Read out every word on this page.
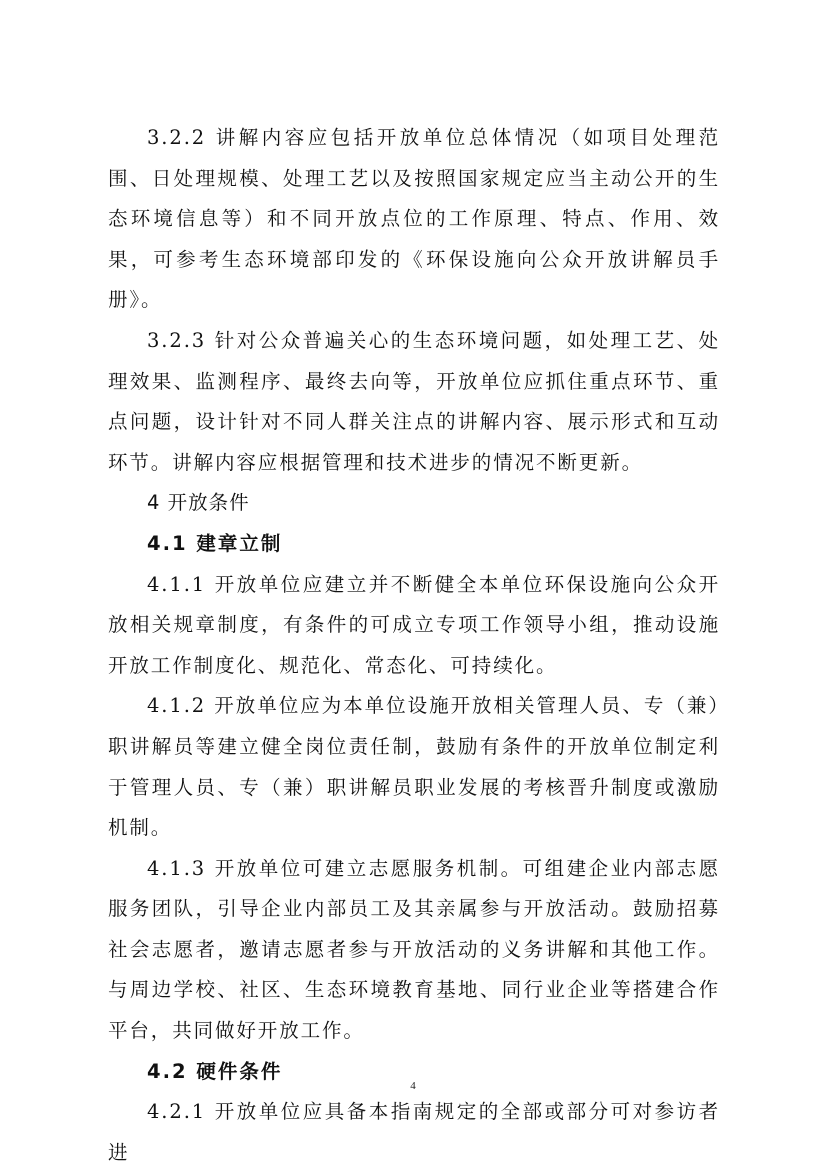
3.2.2 讲解内容应包括开放单位总体情况（如项目处理范围、日处理规模、处理工艺以及按照国家规定应当主动公开的生态环境信息等）和不同开放点位的工作原理、特点、作用、效果，可参考生态环境部印发的《环保设施向公众开放讲解员手册》。

3.2.3 针对公众普遍关心的生态环境问题，如处理工艺、处理效果、监测程序、最终去向等，开放单位应抓住重点环节、重点问题，设计针对不同人群关注点的讲解内容、展示形式和互动环节。讲解内容应根据管理和技术进步的情况不断更新。

4 开放条件

4.1 建章立制

4.1.1 开放单位应建立并不断健全本单位环保设施向公众开放相关规章制度，有条件的可成立专项工作领导小组，推动设施开放工作制度化、规范化、常态化、可持续化。

4.1.2 开放单位应为本单位设施开放相关管理人员、专（兼）职讲解员等建立健全岗位责任制，鼓励有条件的开放单位制定利于管理人员、专（兼）职讲解员职业发展的考核晋升制度或激励机制。

4.1.3 开放单位可建立志愿服务机制。可组建企业内部志愿服务团队，引导企业内部员工及其亲属参与开放活动。鼓励招募社会志愿者，邀请志愿者参与开放活动的义务讲解和其他工作。与周边学校、社区、生态环境教育基地、同行业企业等搭建合作平台，共同做好开放工作。

4.2 硬件条件

4.2.1 开放单位应具备本指南规定的全部或部分可对参访者进

4
